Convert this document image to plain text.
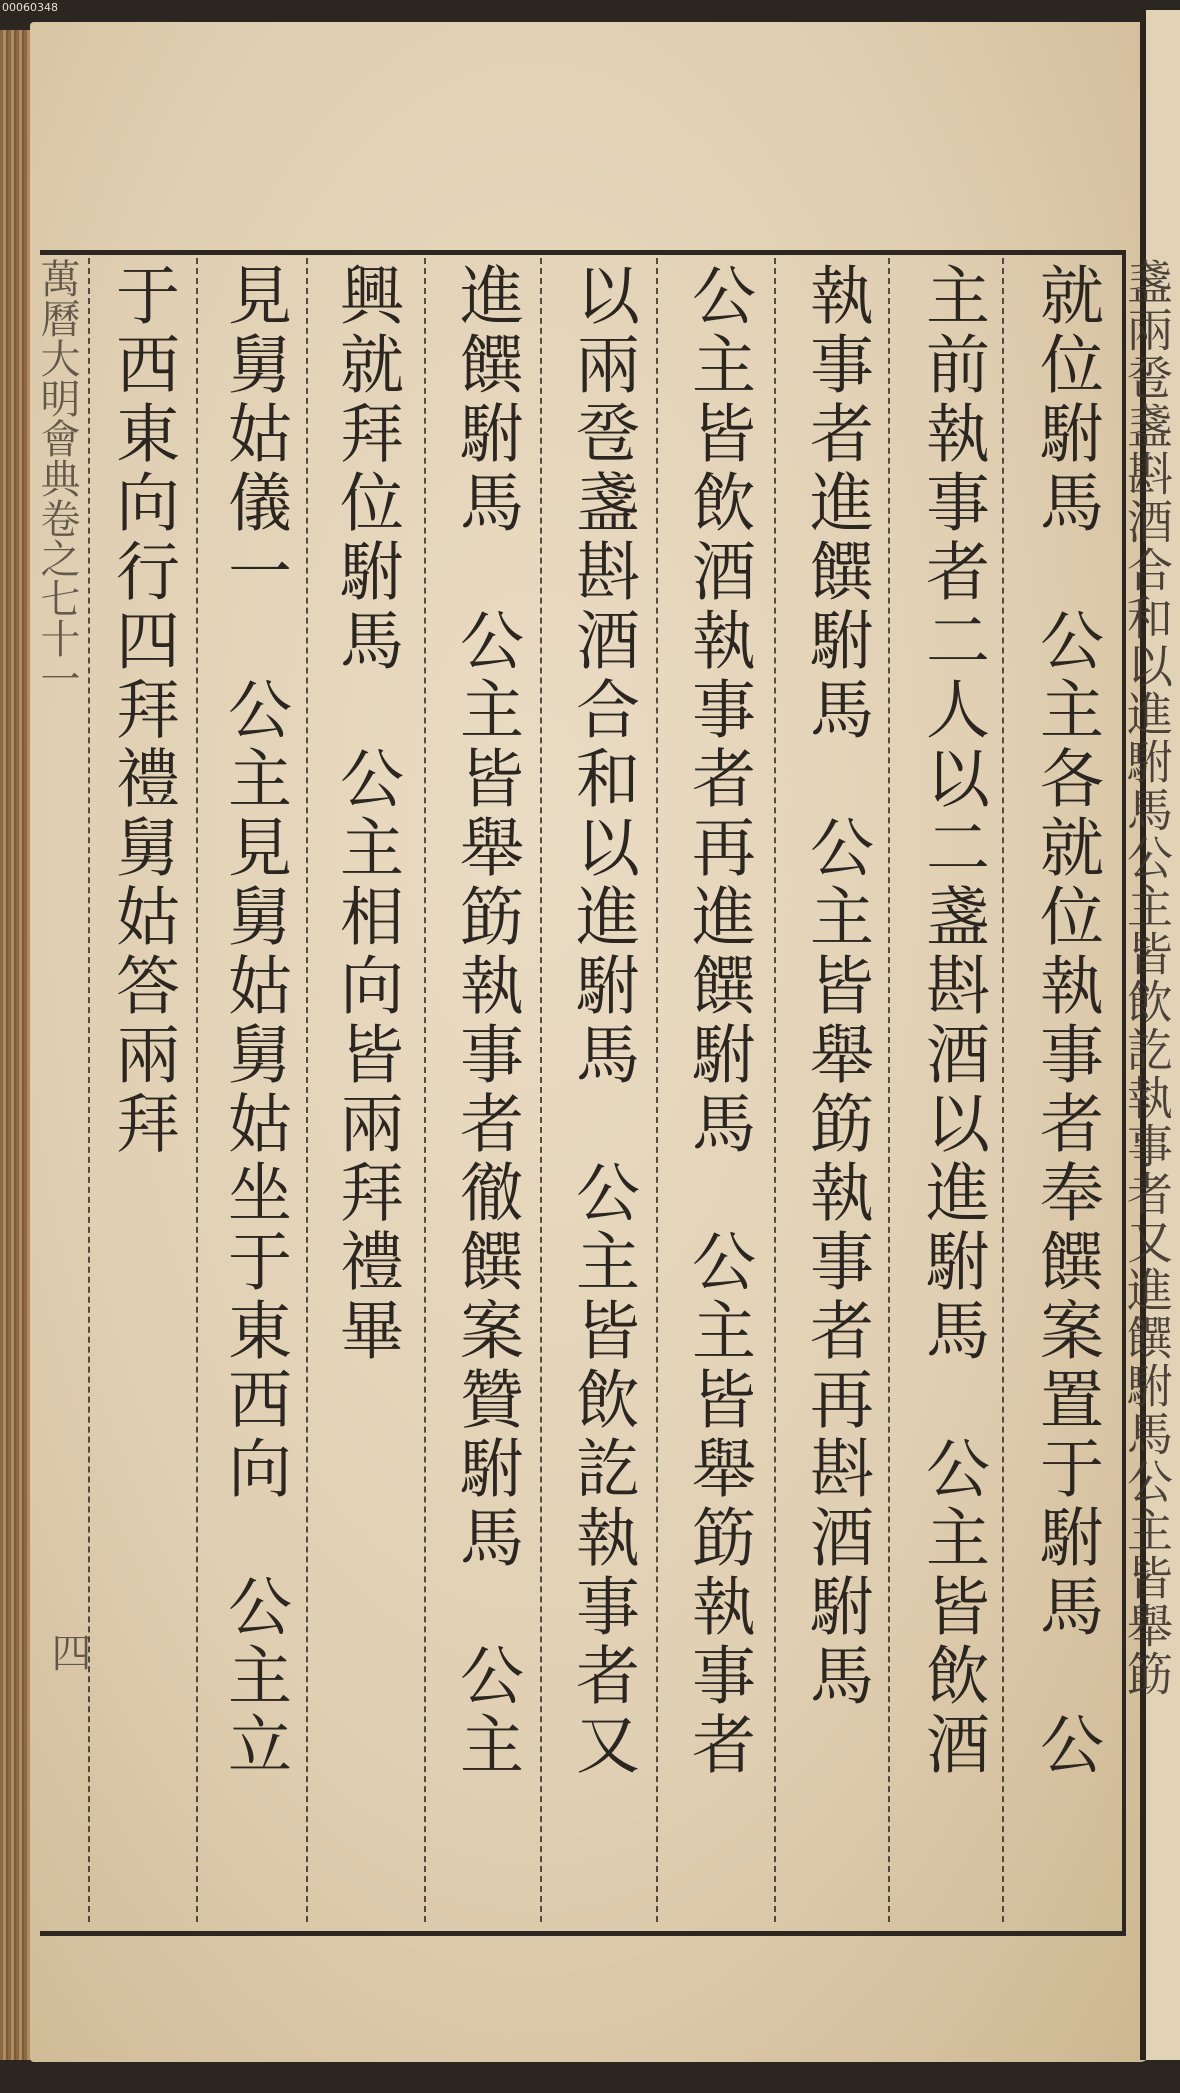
00060348
萬曆大明會典卷之七十一
四	就位駙馬　公主各就位執事者奉饌案置于駙馬　公
主前執事者二人以二盞斟酒以進駙馬　公主皆飲酒
執事者進饌駙馬　公主皆舉筯執事者再斟酒駙馬
公主皆飲酒執事者再進饌駙馬　公主皆舉筯執事者
以兩卺盞斟酒合和以進駙馬　公主皆飲訖執事者又
進饌駙馬　公主皆舉筯執事者徹饌案贊駙馬　公主
興就拜位駙馬　公主相向皆兩拜禮畢
見舅姑儀一　公主見舅姑舅姑坐于東西向　公主立
于西東向行四拜禮舅姑答兩拜
